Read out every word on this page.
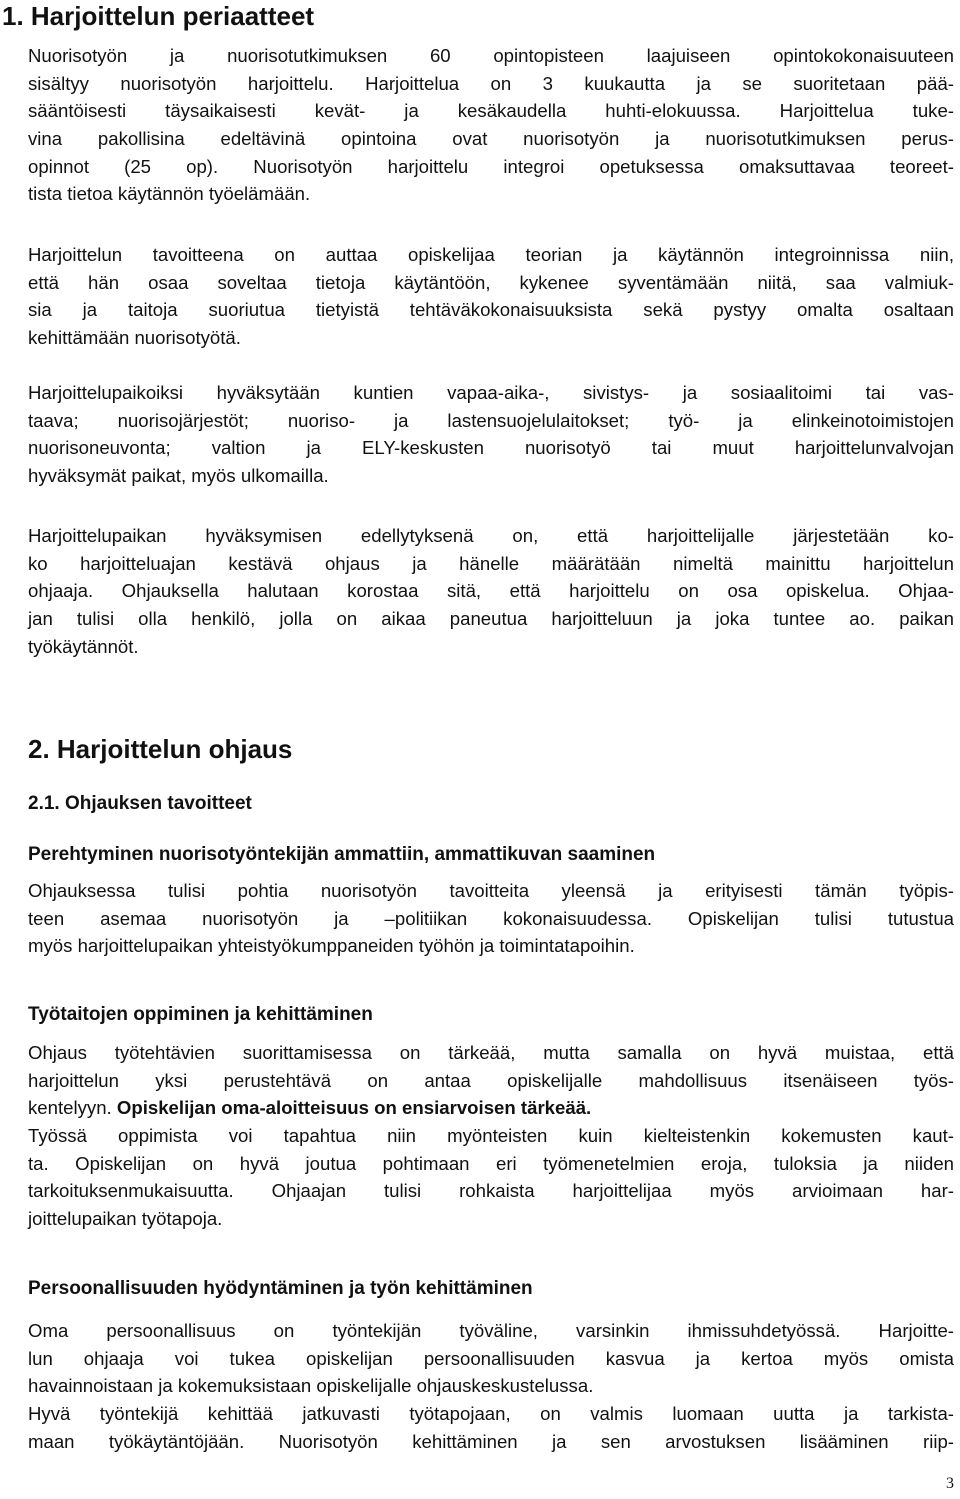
1. Harjoittelun periaatteet
Nuorisotyön ja nuorisotutkimuksen 60 opintopisteen laajuiseen opintokokonaisuuteen
sisältyy nuorisotyön harjoittelu. Harjoittelua on 3 kuukautta ja se suoritetaan pää-
sääntöisesti täysaikaisesti kevät- ja kesäkaudella huhti-elokuussa. Harjoittelua tuke-
vina pakollisina edeltävinä opintoina ovat nuorisotyön ja nuorisotutkimuksen perus-
opinnot (25 op). Nuorisotyön harjoittelu integroi opetuksessa omaksuttavaa teoreet-
tista tietoa käytännön työelämään.
Harjoittelun tavoitteena on auttaa opiskelijaa teorian ja käytännön integroinnissa niin,
että hän osaa soveltaa tietoja käytäntöön, kykenee syventämään niitä, saa valmiuk-
sia ja taitoja suoriutua tietyistä tehtäväkokonaisuuksista sekä pystyy omalta osaltaan
kehittämään nuorisotyötä.
Harjoittelupaikoiksi hyväksytään kuntien vapaa-aika-, sivistys- ja sosiaalitoimi tai vas-
taava; nuorisojärjestöt; nuoriso- ja lastensuojelulaitokset; työ- ja elinkeinotoimistojen
nuorisoneuvonta; valtion ja ELY-keskusten nuorisotyö tai muut harjoittelunvalvojan
hyväksymät paikat, myös ulkomailla.
Harjoittelupaikan hyväksymisen edellytyksenä on, että harjoittelijalle järjestetään ko-
ko harjoitteluajan kestävä ohjaus ja hänelle määrätään nimeltä mainittu harjoittelun
ohjaaja. Ohjauksella halutaan korostaa sitä, että harjoittelu on osa opiskelua. Ohjaa-
jan tulisi olla henkilö, jolla on aikaa paneutua harjoitteluun ja joka tuntee ao. paikan
työkäytännöt.
2. Harjoittelun ohjaus
2.1. Ohjauksen tavoitteet
Perehtyminen nuorisotyöntekijän ammattiin, ammattikuvan saaminen
Ohjauksessa tulisi pohtia nuorisotyön tavoitteita yleensä ja erityisesti tämän työpis-
teen asemaa nuorisotyön ja –politiikan kokonaisuudessa. Opiskelijan tulisi tutustua
myös harjoittelupaikan yhteistyökumppaneiden työhön ja toimintatapoihin.
Työtaitojen oppiminen ja kehittäminen
Ohjaus työtehtävien suorittamisessa on tärkeää, mutta samalla on hyvä muistaa, että
harjoittelun yksi perustehtävä on antaa opiskelijalle mahdollisuus itsenäiseen työs-
kentelyyn. Opiskelijan oma-aloitteisuus on ensiarvoisen tärkeää.
Työssä oppimista voi tapahtua niin myönteisten kuin kielteistenkin kokemusten kaut-
ta. Opiskelijan on hyvä joutua pohtimaan eri työmenetelmien eroja, tuloksia ja niiden
tarkoituksenmukaisuutta. Ohjaajan tulisi rohkaista harjoittelijaa myös arvioimaan har-
joittelupaikan työtapoja.
Persoonallisuuden hyödyntäminen ja työn kehittäminen
Oma persoonallisuus on työntekijän työväline, varsinkin ihmissuhdetyössä. Harjoitte-
lun ohjaaja voi tukea opiskelijan persoonallisuuden kasvua ja kertoa myös omista
havainnoistaan ja kokemuksistaan opiskelijalle ohjauskeskustelussa.
Hyvä työntekijä kehittää jatkuvasti työtapojaan, on valmis luomaan uutta ja tarkista-
maan työkäytäntöjään. Nuorisotyön kehittäminen ja sen arvostuksen lisääminen riip-
3
